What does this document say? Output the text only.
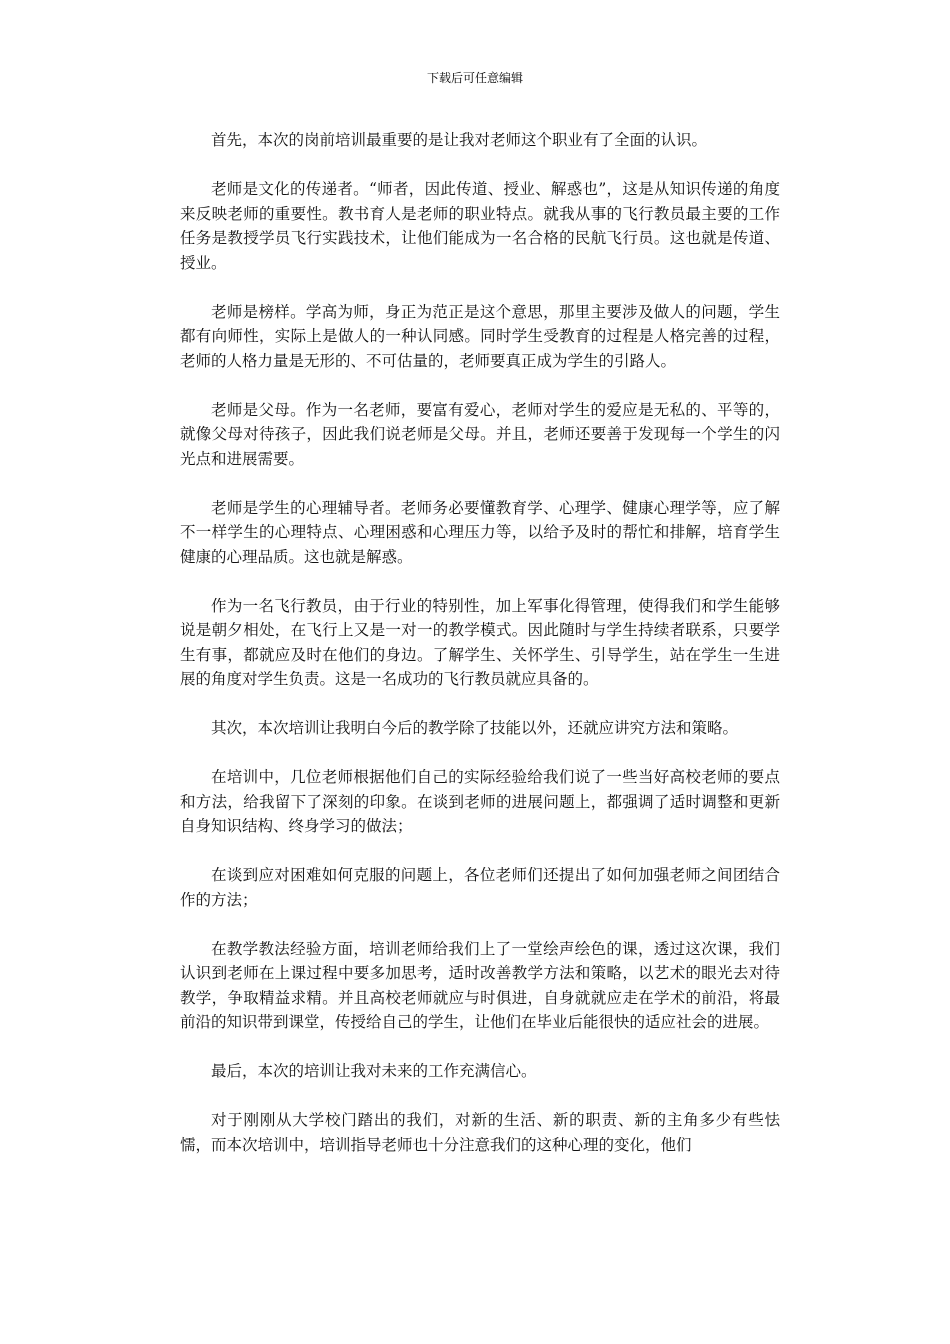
下载后可任意编辑

首先，本次的岗前培训最重要的是让我对老师这个职业有了全面的认识。

老师是文化的传递者。“师者，因此传道、授业、解惑也”，这是从知识传递的角度来反映老师的重要性。教书育人是老师的职业特点。就我从事的飞行教员最主要的工作任务是教授学员飞行实践技术，让他们能成为一名合格的民航飞行员。这也就是传道、授业。

老师是榜样。学高为师，身正为范正是这个意思，那里主要涉及做人的问题，学生都有向师性，实际上是做人的一种认同感。同时学生受教育的过程是人格完善的过程，老师的人格力量是无形的、不可估量的，老师要真正成为学生的引路人。

老师是父母。作为一名老师，要富有爱心，老师对学生的爱应是无私的、平等的，就像父母对待孩子，因此我们说老师是父母。并且，老师还要善于发现每一个学生的闪光点和进展需要。

老师是学生的心理辅导者。老师务必要懂教育学、心理学、健康心理学等，应了解不一样学生的心理特点、心理困惑和心理压力等，以给予及时的帮忙和排解，培育学生健康的心理品质。这也就是解惑。

作为一名飞行教员，由于行业的特别性，加上军事化得管理，使得我们和学生能够说是朝夕相处，在飞行上又是一对一的教学模式。因此随时与学生持续者联系，只要学生有事，都就应及时在他们的身边。了解学生、关怀学生、引导学生，站在学生一生进展的角度对学生负责。这是一名成功的飞行教员就应具备的。

其次，本次培训让我明白今后的教学除了技能以外，还就应讲究方法和策略。

在培训中，几位老师根据他们自己的实际经验给我们说了一些当好高校老师的要点和方法，给我留下了深刻的印象。在谈到老师的进展问题上，都强调了适时调整和更新自身知识结构、终身学习的做法；

在谈到应对困难如何克服的问题上，各位老师们还提出了如何加强老师之间团结合作的方法；

在教学教法经验方面，培训老师给我们上了一堂绘声绘色的课，透过这次课，我们认识到老师在上课过程中要多加思考，适时改善教学方法和策略，以艺术的眼光去对待教学，争取精益求精。并且高校老师就应与时俱进，自身就就应走在学术的前沿，将最前沿的知识带到课堂，传授给自己的学生，让他们在毕业后能很快的适应社会的进展。

最后，本次的培训让我对未来的工作充满信心。

对于刚刚从大学校门踏出的我们，对新的生活、新的职责、新的主角多少有些怯懦，而本次培训中，培训指导老师也十分注意我们的这种心理的变化，他们
